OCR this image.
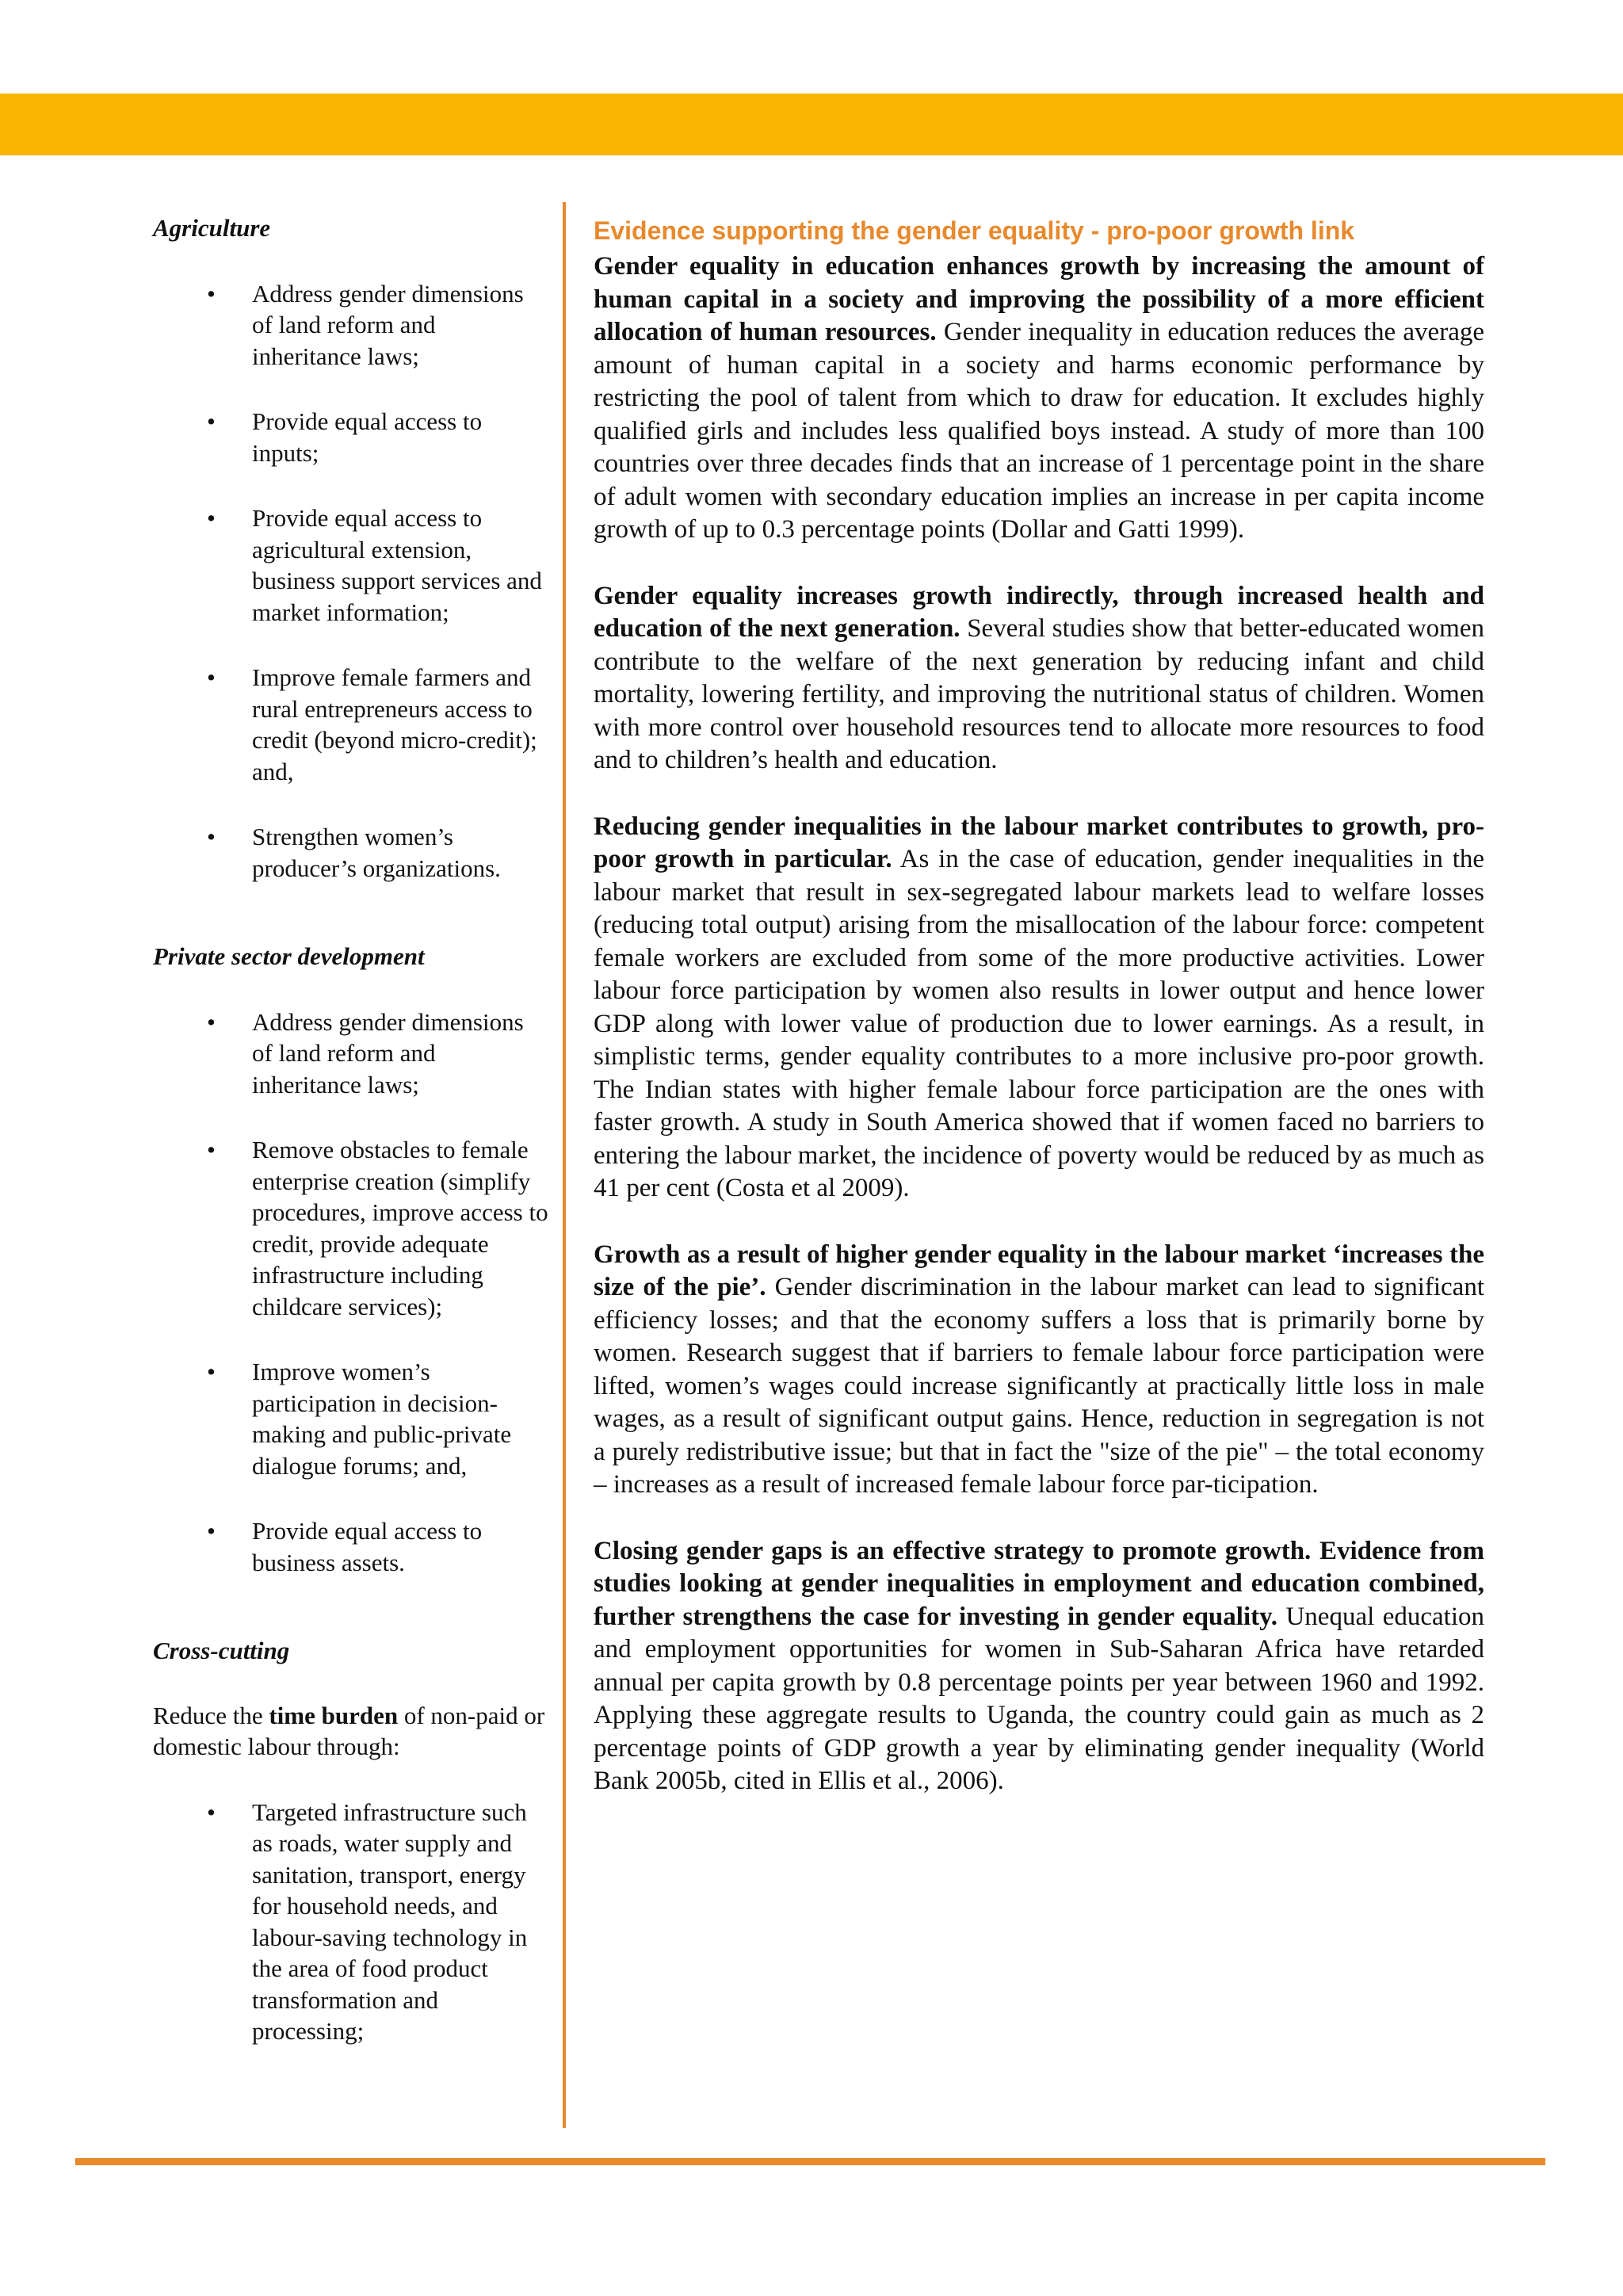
Agriculture

• Address gender dimensions of land reform and inheritance laws;
• Provide equal access to inputs;
• Provide equal access to agricultural extension, business support services and market information;
• Improve female farmers and rural entrepreneurs access to credit (beyond micro-credit); and,
• Strengthen women’s producer’s organizations.

Private sector development

• Address gender dimensions of land reform and inheritance laws;
• Remove obstacles to female enterprise creation (simplify procedures, improve access to credit, provide adequate infrastructure including childcare services);
• Improve women’s participation in decision-making and public-private dialogue forums; and,
• Provide equal access to business assets.

Cross-cutting

Reduce the time burden of non-paid or domestic labour through:

• Targeted infrastructure such as roads, water supply and sanitation, transport, energy for household needs, and labour-saving technology in the area of food product transformation and processing;

Evidence supporting the gender equality - pro-poor growth link

Gender equality in education enhances growth by increasing the amount of human capital in a society and improving the possibility of a more efficient allocation of human resources. Gender inequality in education reduces the average amount of human capital in a society and harms economic performance by restricting the pool of talent from which to draw for education. It excludes highly qualified girls and includes less qualified boys instead. A study of more than 100 countries over three decades finds that an increase of 1 percentage point in the share of adult women with secondary education implies an increase in per capita income growth of up to 0.3 percentage points (Dollar and Gatti 1999).

Gender equality increases growth indirectly, through increased health and education of the next generation. Several studies show that better-educated women contribute to the welfare of the next generation by reducing infant and child mortality, lowering fertility, and improving the nutritional status of children. Women with more control over household resources tend to allocate more resources to food and to children’s health and education.

Reducing gender inequalities in the labour market contributes to growth, pro-poor growth in particular. As in the case of education, gender inequalities in the labour market that result in sex-segregated labour markets lead to welfare losses (reducing total output) arising from the misallocation of the labour force: competent female workers are excluded from some of the more productive activities. Lower labour force participation by women also results in lower output and hence lower GDP along with lower value of production due to lower earnings. As a result, in simplistic terms, gender equality contributes to a more inclusive pro-poor growth. The Indian states with higher female labour force participation are the ones with faster growth. A study in South America showed that if women faced no barriers to entering the labour market, the incidence of poverty would be reduced by as much as 41 per cent (Costa et al 2009).

Growth as a result of higher gender equality in the labour market ‘increases the size of the pie’. Gender discrimination in the labour market can lead to significant efficiency losses; and that the economy suffers a loss that is primarily borne by women. Research suggest that if barriers to female labour force participation were lifted, women’s wages could increase significantly at practically little loss in male wages, as a result of significant output gains. Hence, reduction in segregation is not a purely redistributive issue; but that in fact the "size of the pie" – the total economy – increases as a result of increased female labour force par-ticipation.

Closing gender gaps is an effective strategy to promote growth. Evidence from studies looking at gender inequalities in employment and education combined, further strengthens the case for investing in gender equality. Unequal education and employment opportunities for women in Sub-Saharan Africa have retarded annual per capita growth by 0.8 percentage points per year between 1960 and 1992. Applying these aggregate results to Uganda, the country could gain as much as 2 percentage points of GDP growth a year by eliminating gender inequality (World Bank 2005b, cited in Ellis et al., 2006).
